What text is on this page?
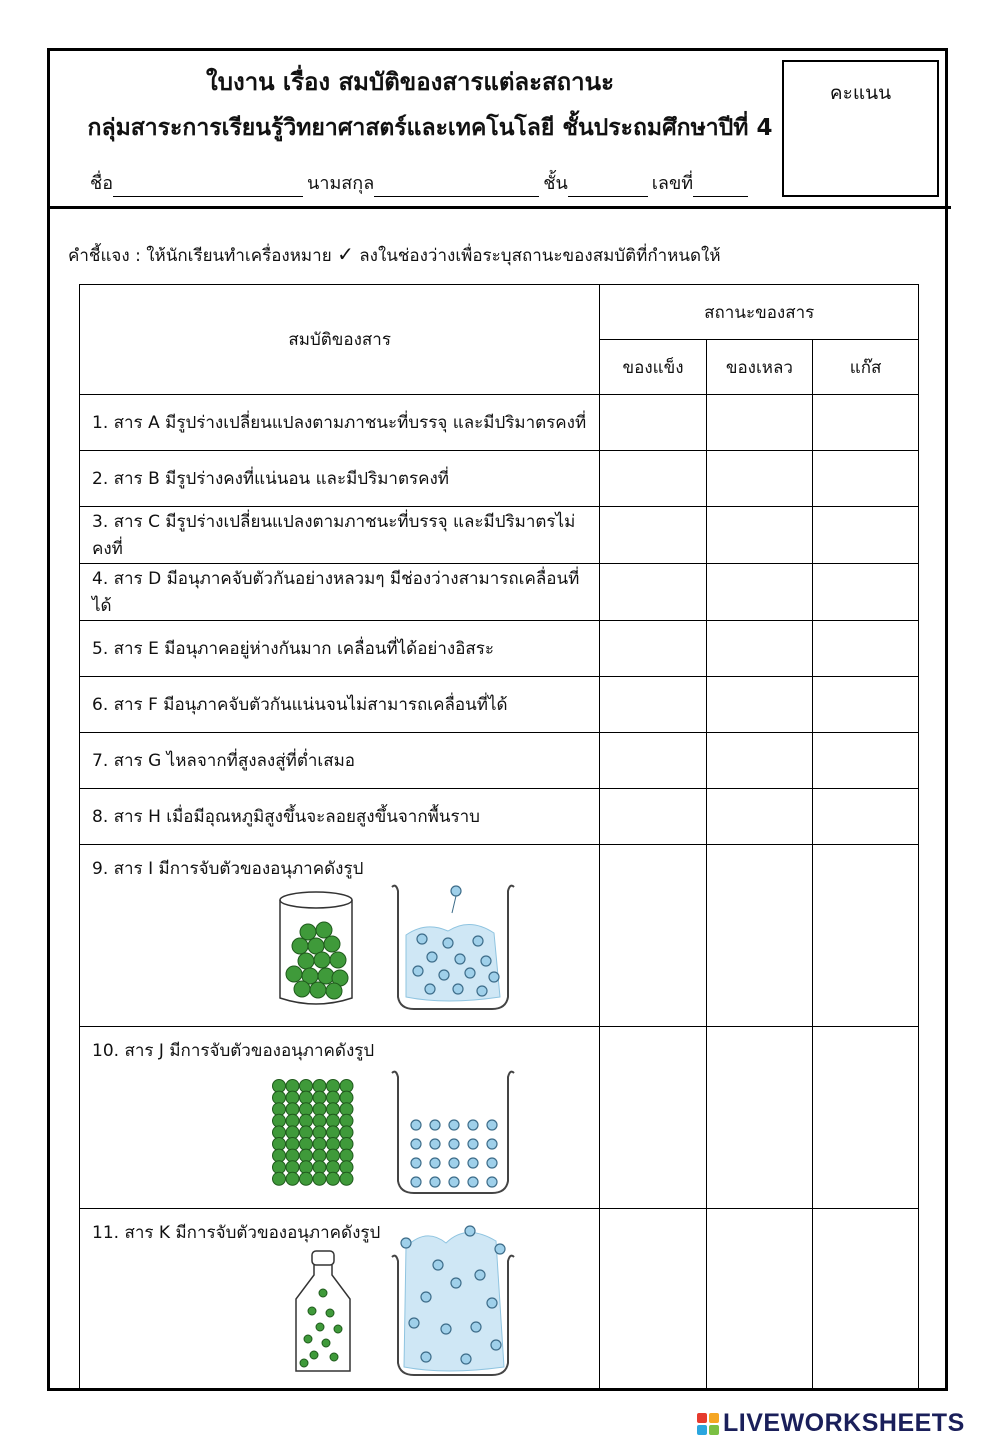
ใบงาน เรื่อง สมบัติของสารแต่ละสถานะ
กลุ่มสาระการเรียนรู้วิทยาศาสตร์และเทคโนโลยี ชั้นประถมศึกษาปีที่ 4
ชื่อ	นามสกุล	ชั้น	เลขที่
คะแนน
คำชี้แจง : ให้นักเรียนทำเครื่องหมาย ✓ ลงในช่องว่างเพื่อระบุสถานะของสมบัติที่กำหนดให้
สมบัติของสาร	สถานะของสาร		
	ของแข็ง	ของเหลว	แก๊ส
1. สาร A มีรูปร่างเปลี่ยนแปลงตามภาชนะที่บรรจุ และมีปริมาตรคงที่			
2. สาร B มีรูปร่างคงที่แน่นอน และมีปริมาตรคงที่			
3. สาร C มีรูปร่างเปลี่ยนแปลงตามภาชนะที่บรรจุ และมีปริมาตรไม่คงที่			
4. สาร D มีอนุภาคจับตัวกันอย่างหลวมๆ มีช่องว่างสามารถเคลื่อนที่ได้			
5. สาร E มีอนุภาคอยู่ห่างกันมาก เคลื่อนที่ได้อย่างอิสระ			
6. สาร F มีอนุภาคจับตัวกันแน่นจนไม่สามารถเคลื่อนที่ได้			
7. สาร G ไหลจากที่สูงลงสู่ที่ต่ำเสมอ			
8. สาร H เมื่อมีอุณหภูมิสูงขึ้นจะลอยสูงขึ้นจากพื้นราบ			

9. สาร I มีการจับตัวของอนุภาคดังรูป			

10. สาร J มีการจับตัวของอนุภาคดังรูป			

11. สาร K มีการจับตัวของอนุภาคดังรูป			

LIVEWORKSHEETS
